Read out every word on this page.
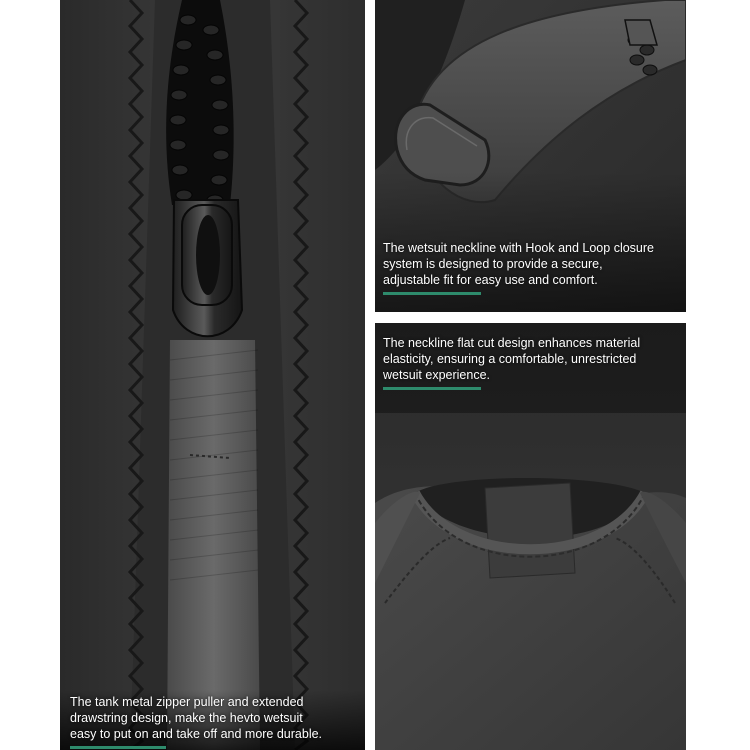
The tank metal zipper puller and extended
drawstring design, make the hevto wetsuit
easy to put on and take off and more durable.

The wetsuit neckline with Hook and Loop closure
system is designed to provide a secure,
adjustable fit for easy use and comfort.

The neckline flat cut design enhances material
elasticity, ensuring a comfortable, unrestricted
wetsuit experience.
